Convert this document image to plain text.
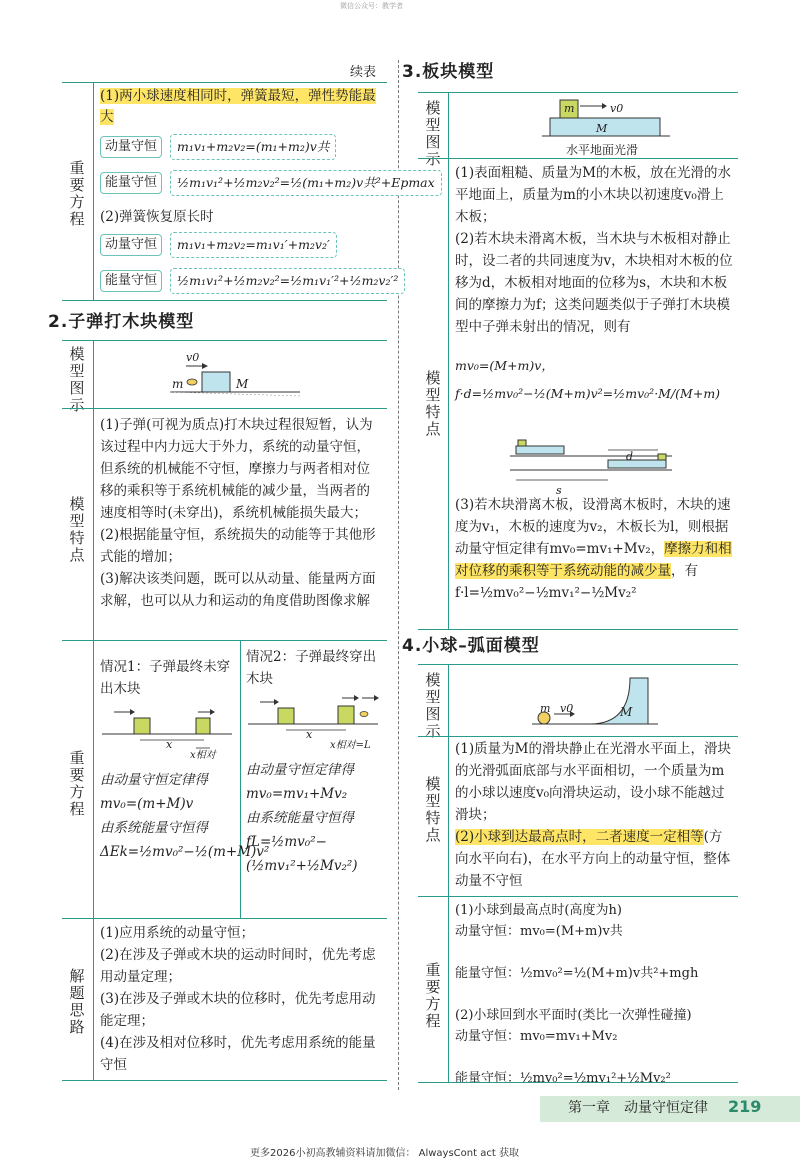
微信公众号：教学者
续表
重要方程
(1)两小球速度相同时，弹簧最短，弹性势能最大
动量守恒	m₁v₁+m₂v₂=(m₁+m₂)v共
能量守恒	½m₁v₁²+½m₂v₂²=½(m₁+m₂)v共²+Epmax
(2)弹簧恢复原长时
动量守恒	m₁v₁+m₂v₂=m₁v₁′+m₂v₂′
能量守恒	½m₁v₁²+½m₂v₂²=½m₁v₁′²+½m₂v₂′²
2.子弹打木块模型
模型图示
v0
m	M
模型特点
(1)子弹(可视为质点)打木块过程很短暂，认为该过程中内力远大于外力，系统的动量守恒，但系统的机械能不守恒，摩擦力与两者相对位移的乘积等于系统机械能的减少量，当两者的速度相等时(未穿出)，系统机械能损失最大；
(2)根据能量守恒，系统损失的动能等于其他形式能的增加；
(3)解决该类问题，既可以从动量、能量两方面求解，也可以从力和运动的角度借助图像求解
重要方程
情况1：子弹最终未穿出木块
x
x相对
由动量守恒定律得
mv₀=(m+M)v
由系统能量守恒得
ΔEk=½mv₀²−½(m+M)v²
情况2：子弹最终穿出木块
x
x相对=L
由动量守恒定律得
mv₀=mv₁+Mv₂
由系统能量守恒得
fL=½mv₀²−(½mv₁²+½Mv₂²)
解题思路
(1)应用系统的动量守恒；
(2)在涉及子弹或木块的运动时间时，优先考虑用动量定理；
(3)在涉及子弹或木块的位移时，优先考虑用动能定理；
(4)在涉及相对位移时，优先考虑用系统的能量守恒
3.板块模型
模型图示
m	v0
M
水平地面光滑
模型特点
(1)表面粗糙、质量为M的木板，放在光滑的水平地面上，质量为m的小木块以初速度v₀滑上木板；
(2)若木块未滑离木板，当木块与木板相对静止时，设二者的共同速度为v，木块相对木板的位移为d，木板相对地面的位移为s，木块和木板间的摩擦力为f；这类问题类似于子弹打木块模型中子弹未射出的情况，则有
mv₀=(M+m)v，f·d=½mv₀²−½(M+m)v²=½mv₀²·M/(M+m)
d
s
(3)若木块滑离木板，设滑离木板时，木块的速度为v₁，木板的速度为v₂，木板长为l，则根据动量守恒定律有mv₀=mv₁+Mv₂，摩擦力和相对位移的乘积等于系统动能的减少量，有f·l=½mv₀²−½mv₁²−½Mv₂²
4.小球–弧面模型
模型图示
m v0	M
模型特点
(1)质量为M的滑块静止在光滑水平面上，滑块的光滑弧面底部与水平面相切，一个质量为m的小球以速度v₀向滑块运动，设小球不能越过滑块；
(2)小球到达最高点时，二者速度一定相等(方向水平向右)，在水平方向上的动量守恒，整体动量不守恒
重要方程
(1)小球到最高点时(高度为h)
动量守恒：mv₀=(M+m)v共

能量守恒：½mv₀²=½(M+m)v共²+mgh

(2)小球回到水平面时(类比一次弹性碰撞)
动量守恒：mv₀=mv₁+Mv₂

能量守恒：½mv₀²=½mv₁²+½Mv₂²
第一章　动量守恒定律 219
更多2026小初高教辅资料请加微信： AlwaysCont act 获取
